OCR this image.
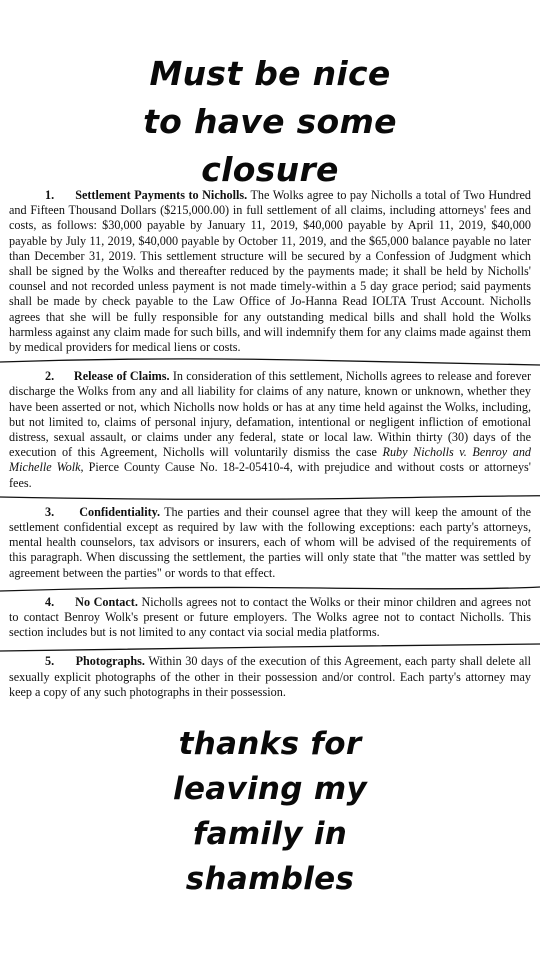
Must be nice
to have some
closure

1. Settlement Payments to Nicholls. The Wolks agree to pay Nicholls a total of Two Hundred and Fifteen Thousand Dollars ($215,000.00) in full settlement of all claims, including attorneys' fees and costs, as follows: $30,000 payable by January 11, 2019, $40,000 payable by April 11, 2019, $40,000 payable by July 11, 2019, $40,000 payable by October 11, 2019, and the $65,000 balance payable no later than December 31, 2019. This settlement structure will be secured by a Confession of Judgment which shall be signed by the Wolks and thereafter reduced by the payments made; it shall be held by Nicholls' counsel and not recorded unless payment is not made timely-within a 5 day grace period; said payments shall be made by check payable to the Law Office of Jo-Hanna Read IOLTA Trust Account. Nicholls agrees that she will be fully responsible for any outstanding medical bills and shall hold the Wolks harmless against any claim made for such bills, and will indemnify them for any claims made against them by medical providers for medical liens or costs.

2. Release of Claims. In consideration of this settlement, Nicholls agrees to release and forever discharge the Wolks from any and all liability for claims of any nature, known or unknown, whether they have been asserted or not, which Nicholls now holds or has at any time held against the Wolks, including, but not limited to, claims of personal injury, defamation, intentional or negligent infliction of emotional distress, sexual assault, or claims under any federal, state or local law. Within thirty (30) days of the execution of this Agreement, Nicholls will voluntarily dismiss the case Ruby Nicholls v. Benroy and Michelle Wolk, Pierce County Cause No. 18-2-05410-4, with prejudice and without costs or attorneys' fees.

3. Confidentiality. The parties and their counsel agree that they will keep the amount of the settlement confidential except as required by law with the following exceptions: each party's attorneys, mental health counselors, tax advisors or insurers, each of whom will be advised of the requirements of this paragraph. When discussing the settlement, the parties will only state that "the matter was settled by agreement between the parties" or words to that effect.

4. No Contact. Nicholls agrees not to contact the Wolks or their minor children and agrees not to contact Benroy Wolk's present or future employers. The Wolks agree not to contact Nicholls. This section includes but is not limited to any contact via social media platforms.

5. Photographs. Within 30 days of the execution of this Agreement, each party shall delete all sexually explicit photographs of the other in their possession and/or control. Each party's attorney may keep a copy of any such photographs in their possession.

thanks for
leaving my
family in
shambles
